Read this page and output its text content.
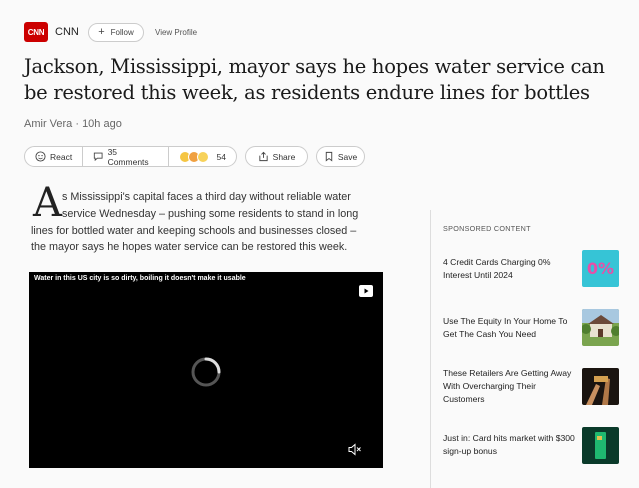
CNN CNN + Follow	View Profile
Jackson, Mississippi, mayor says he hopes water service can be restored this week, as residents endure lines for bottles
Amir Vera · 10h ago
React	35 Comments	54	Share	Save
A s Mississippi's capital faces a third day without reliable water
service Wednesday – pushing some residents to stand in long
lines for bottled water and keeping schools and businesses closed –
the mayor says he hopes water service can be restored this week.
Water in this US city is so dirty, boiling it doesn't make it usable
SPONSORED CONTENT
4 Credit Cards Charging 0% Interest Until 2024	0%
Use The Equity In Your Home To Get The Cash You Need
These Retailers Are Getting Away With Overcharging Their Customers
Just in: Card hits market with $300 sign-up bonus
